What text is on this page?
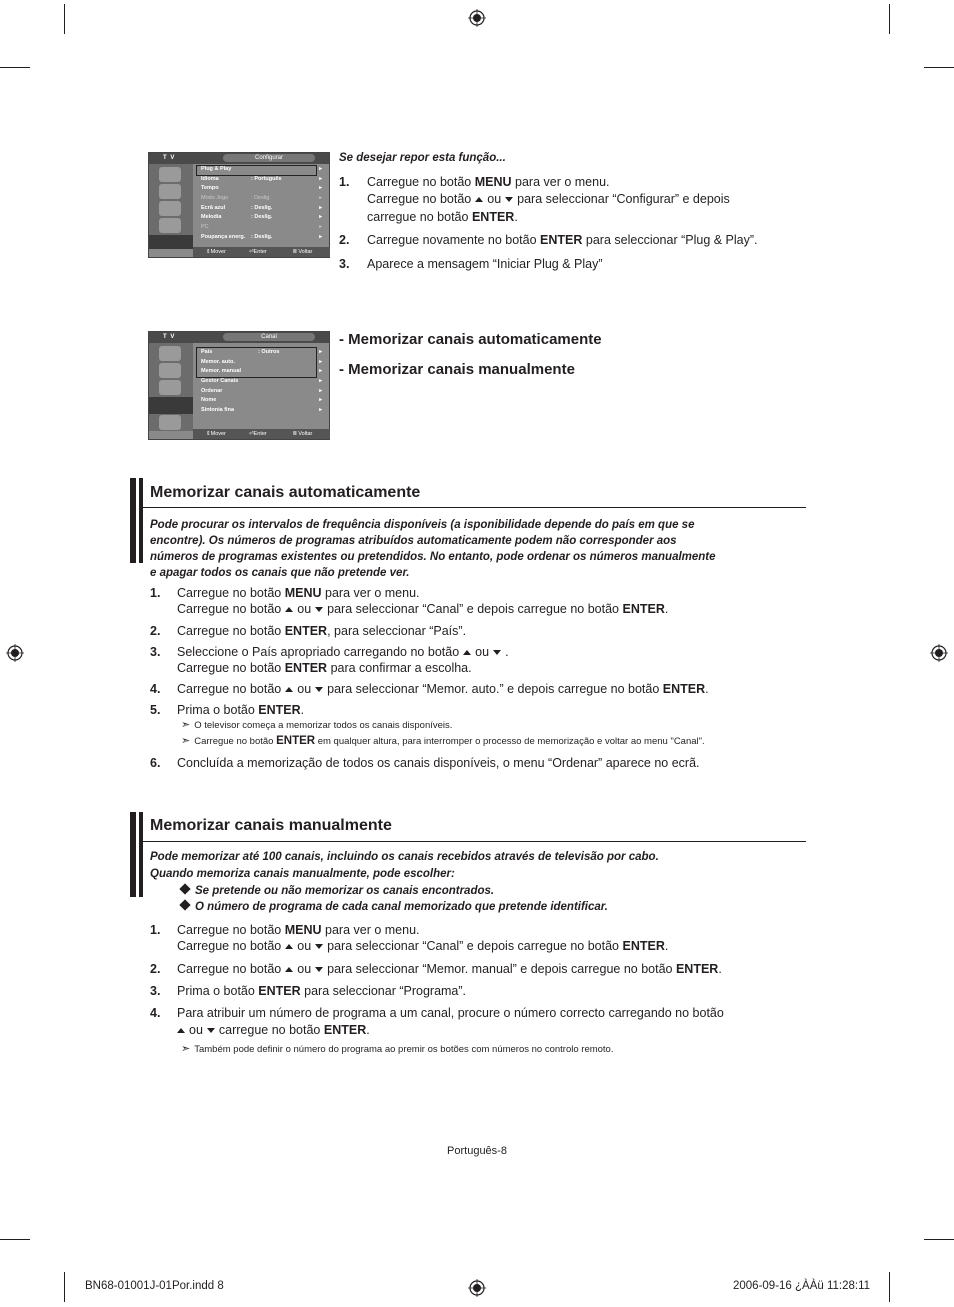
T V	Configurar
Plug & Play	▸
Idioma	: Português	▸
Tempo	▸
Modo Jogo	: Deslig.	▸
Ecrã azul	: Deslig.	▸
Melodia	: Deslig.	▸
PC	▸
Poupança energ. : Deslig.	▸
⇕Mover	⏎Enter	Ⅲ Voltar
Se desejar repor esta função...
1. Carregue no botão MENU para ver o menu.
Carregue no botão ou para seleccionar “Configurar” e depois
carregue no botão ENTER.
2. Carregue novamente no botão ENTER para seleccionar “Plug & Play”.
3. Aparece a mensagem “Iniciar Plug & Play”
T V	Canal
País	: Outros	▸
Memor. auto.	▸
Memor. manual	▸
Gestor Canais	▸
Ordenar	▸
Nome	▸
Sintonia fina	▸
⇕Mover	⏎Enter	Ⅲ Voltar
- Memorizar canais automaticamente
- Memorizar canais manualmente
Memorizar canais automaticamente
Pode procurar os intervalos de frequência disponíveis (a isponibilidade depende do país em que se
encontre). Os números de programas atribuídos automaticamente podem não corresponder aos
números de programas existentes ou pretendidos. No entanto, pode ordenar os números manualmente
e apagar todos os canais que não pretende ver.
1. Carregue no botão MENU para ver o menu.
Carregue no botão ou para seleccionar “Canal” e depois carregue no botão ENTER.
2. Carregue no botão ENTER, para seleccionar “País”.
3. Seleccione o País apropriado carregando no botão ou .
Carregue no botão ENTER para confirmar a escolha.
4. Carregue no botão ou para seleccionar “Memor. auto.” e depois carregue no botão ENTER.
5. Prima o botão ENTER.
➣ O televisor começa a memorizar todos os canais disponíveis.
➣ Carregue no botão ENTER em qualquer altura, para interromper o processo de memorização e voltar ao menu "Canal".
6. Concluída a memorização de todos os canais disponíveis, o menu “Ordenar” aparece no ecrã.
Memorizar canais manualmente
Pode memorizar até 100 canais, incluindo os canais recebidos através de televisão por cabo.
Quando memoriza canais manualmente, pode escolher:
Se pretende ou não memorizar os canais encontrados.
O número de programa de cada canal memorizado que pretende identificar.
1. Carregue no botão MENU para ver o menu.
Carregue no botão ou para seleccionar “Canal” e depois carregue no botão ENTER.
2. Carregue no botão ou para seleccionar “Memor. manual” e depois carregue no botão ENTER.
3. Prima o botão ENTER para seleccionar “Programa”.
4. Para atribuir um número de programa a um canal, procure o número correcto carregando no botão
ou carregue no botão ENTER.
➣ Também pode definir o número do programa ao premir os botões com números no controlo remoto.
Português-8
BN68-01001J-01Por.indd 8	2006-09-16 ¿ÀÀü 11:28:11
